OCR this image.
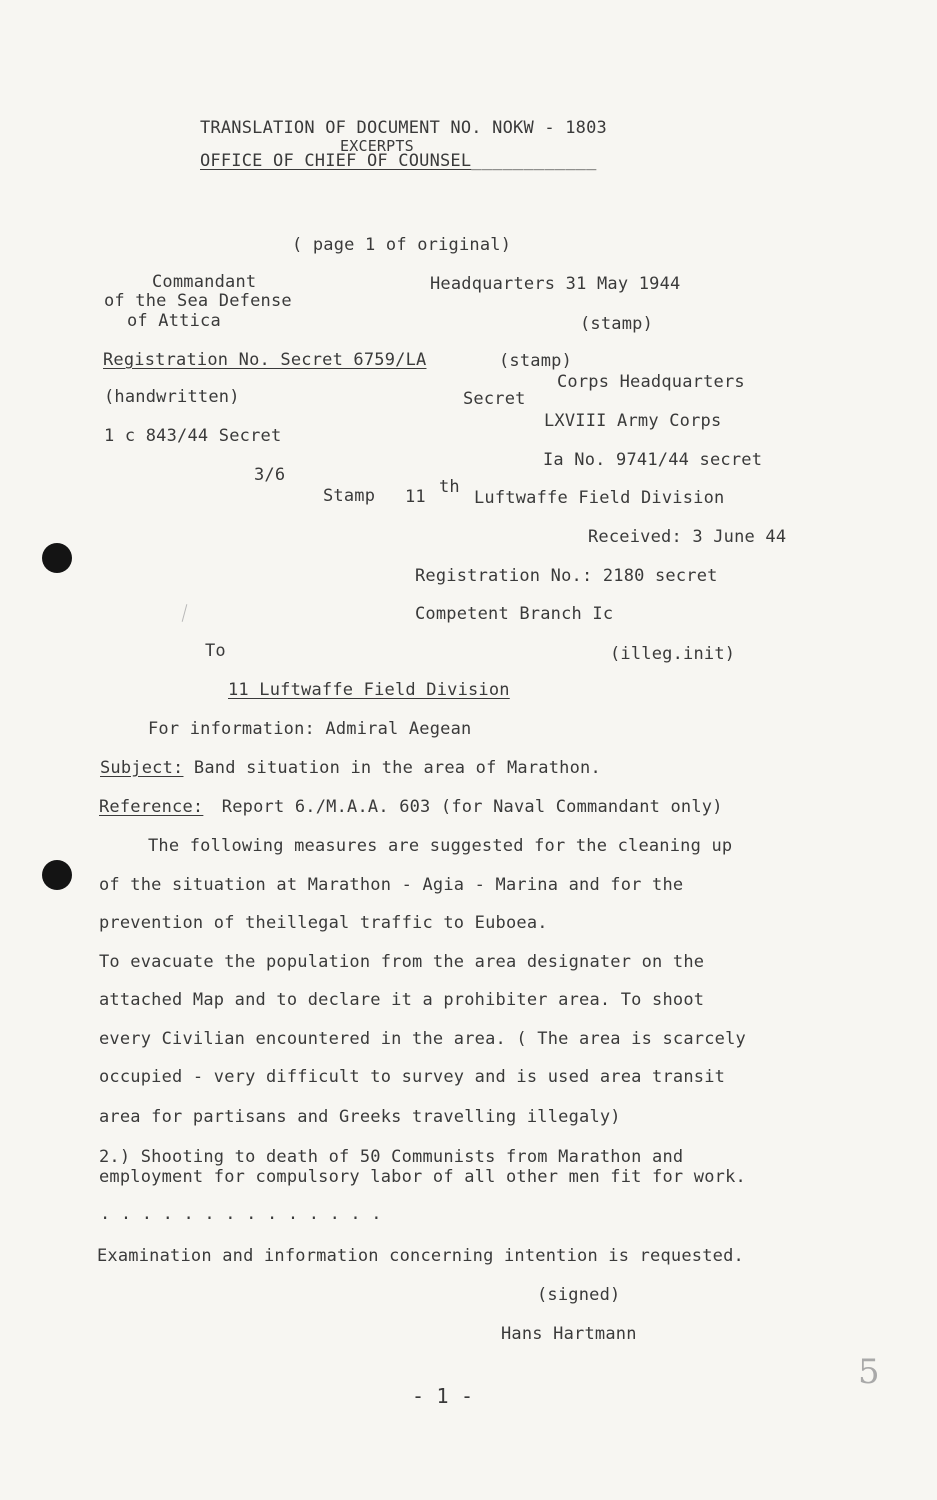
TRANSLATION OF DOCUMENT NO. NOKW - 1803
EXCERPTS
OFFICE OF CHIEF OF COUNSEL____________
( page 1 of original)
Commandant
of the Sea Defense
of Attica
Headquarters 31 May 1944
(stamp)
Registration No. Secret 6759/LA	(stamp)
(handwritten)	Secret
1 c 843/44 Secret
3/6
Corps Headquarters
LXVIII Army Corps
Ia No. 9741/44 secret
Stamp 11 th
Luftwaffe Field Division
Received: 3 June 44
Registration No.: 2180 secret
Competent Branch Ic
(illeg.init)
To
11 Luftwaffe Field Division
For information: Admiral Aegean
Subject: Band situation in the area of Marathon.
Reference: Report 6./M.A.A. 603 (for Naval Commandant only)
The following measures are suggested for the cleaning up
of the situation at Marathon - Agia - Marina and for the
prevention of theillegal traffic to Euboea.
To evacuate the population from the area designater on the
attached Map and to declare it a prohibiter area. To shoot
every Civilian encountered in the area. ( The area is scarcely
occupied - very difficult to survey and is used area transit
area for partisans and Greeks travelling illegaly)
2.) Shooting to death of 50 Communists from Marathon and
employment for compulsory labor of all other men fit for work.
. . . . . . . . . . . . . .
Examination and information concerning intention is requested.
(signed)
Hans Hartmann
- 1 -
5
